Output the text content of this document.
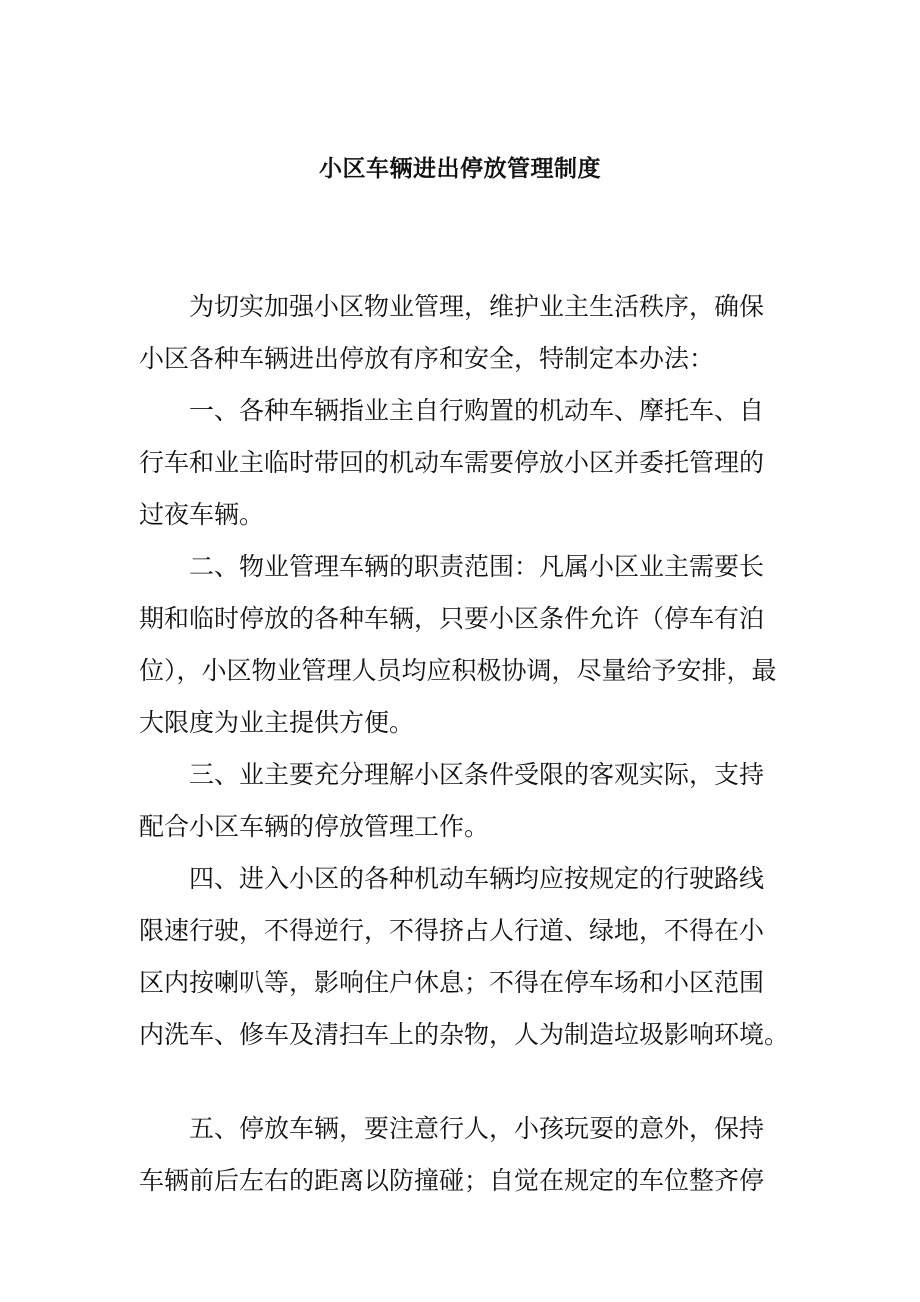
小区车辆进出停放管理制度
为切实加强小区物业管理，维护业主生活秩序，确保
小区各种车辆进出停放有序和安全，特制定本办法：
一、各种车辆指业主自行购置的机动车、摩托车、自
行车和业主临时带回的机动车需要停放小区并委托管理的
过夜车辆。
二、物业管理车辆的职责范围：凡属小区业主需要长
期和临时停放的各种车辆，只要小区条件允许（停车有泊
位），小区物业管理人员均应积极协调，尽量给予安排，最
大限度为业主提供方便。
三、业主要充分理解小区条件受限的客观实际，支持
配合小区车辆的停放管理工作。
四、进入小区的各种机动车辆均应按规定的行驶路线
限速行驶，不得逆行，不得挤占人行道、绿地，不得在小
区内按喇叭等，影响住户休息；不得在停车场和小区范围
内洗车、修车及清扫车上的杂物，人为制造垃圾影响环境。
五、停放车辆，要注意行人，小孩玩耍的意外，保持
车辆前后左右的距离以防撞碰；自觉在规定的车位整齐停
